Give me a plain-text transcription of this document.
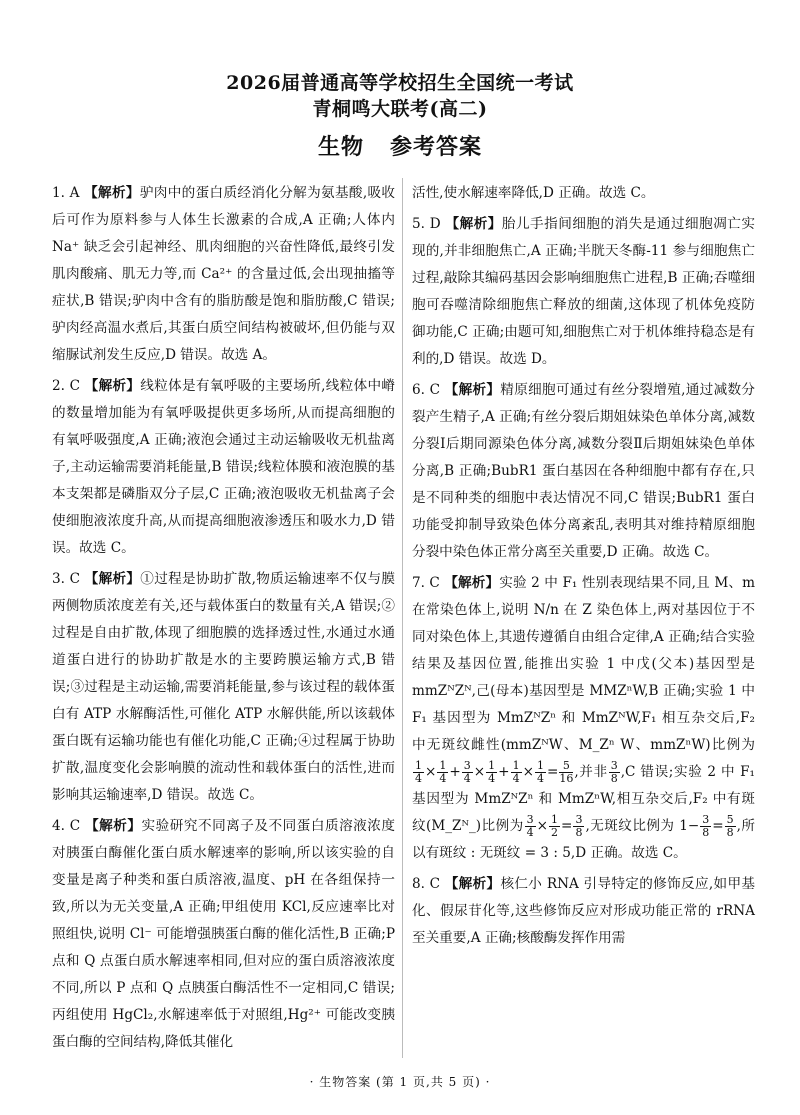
2026届普通高等学校招生全国统一考试
青桐鸣大联考(高二)
生物 参考答案

1. A 【解析】驴肉中的蛋白质经消化分解为氨基酸,吸收后可作为原料参与人体生长激素的合成,A 正确;人体内 Na⁺ 缺乏会引起神经、肌肉细胞的兴奋性降低,最终引发肌肉酸痛、肌无力等,而 Ca²⁺ 的含量过低,会出现抽搐等症状,B 错误;驴肉中含有的脂肪酸是饱和脂肪酸,C 错误;驴肉经高温水煮后,其蛋白质空间结构被破坏,但仍能与双缩脲试剂发生反应,D 错误。故选 A。

2. C 【解析】线粒体是有氧呼吸的主要场所,线粒体中嵴的数量增加能为有氧呼吸提供更多场所,从而提高细胞的有氧呼吸强度,A 正确;液泡会通过主动运输吸收无机盐离子,主动运输需要消耗能量,B 错误;线粒体膜和液泡膜的基本支架都是磷脂双分子层,C 正确;液泡吸收无机盐离子会使细胞液浓度升高,从而提高细胞液渗透压和吸水力,D 错误。故选 C。

3. C 【解析】①过程是协助扩散,物质运输速率不仅与膜两侧物质浓度差有关,还与载体蛋白的数量有关,A 错误;②过程是自由扩散,体现了细胞膜的选择透过性,水通过水通道蛋白进行的协助扩散是水的主要跨膜运输方式,B 错误;③过程是主动运输,需要消耗能量,参与该过程的载体蛋白有 ATP 水解酶活性,可催化 ATP 水解供能,所以该载体蛋白既有运输功能也有催化功能,C 正确;④过程属于协助扩散,温度变化会影响膜的流动性和载体蛋白的活性,进而影响其运输速率,D 错误。故选 C。

4. C 【解析】实验研究不同离子及不同蛋白质溶液浓度对胰蛋白酶催化蛋白质水解速率的影响,所以该实验的自变量是离子种类和蛋白质溶液,温度、pH 在各组保持一致,所以为无关变量,A 正确;甲组使用 KCl,反应速率比对照组快,说明 Cl⁻ 可能增强胰蛋白酶的催化活性,B 正确;P 点和 Q 点蛋白质水解速率相同,但对应的蛋白质溶液浓度不同,所以 P 点和 Q 点胰蛋白酶活性不一定相同,C 错误;丙组使用 HgCl₂,水解速率低于对照组,Hg²⁺ 可能改变胰蛋白酶的空间结构,降低其催化

活性,使水解速率降低,D 正确。故选 C。

5. D 【解析】胎儿手指间细胞的消失是通过细胞凋亡实现的,并非细胞焦亡,A 正确;半胱天冬酶-11 参与细胞焦亡过程,敲除其编码基因会影响细胞焦亡进程,B 正确;吞噬细胞可吞噬清除细胞焦亡释放的细菌,这体现了机体免疫防御功能,C 正确;由题可知,细胞焦亡对于机体维持稳态是有利的,D 错误。故选 D。

6. C 【解析】精原细胞可通过有丝分裂增殖,通过减数分裂产生精子,A 正确;有丝分裂后期姐妹染色单体分离,减数分裂Ⅰ后期同源染色体分离,减数分裂Ⅱ后期姐妹染色单体分离,B 正确;BubR1 蛋白基因在各种细胞中都有存在,只是不同种类的细胞中表达情况不同,C 错误;BubR1 蛋白功能受抑制导致染色体分离紊乱,表明其对维持精原细胞分裂中染色体正常分离至关重要,D 正确。故选 C。

7. C 【解析】实验 2 中 F₁ 性别表现结果不同,且 M、m 在常染色体上,说明 N/n 在 Z 染色体上,两对基因位于不同对染色体上,其遗传遵循自由组合定律,A 正确;结合实验结果及基因位置,能推出实验 1 中戊(父本)基因型是 mmZᴺZᴺ,己(母本)基因型是 MMZⁿW,B 正确;实验 1 中 F₁ 基因型为 MmZᴺZⁿ 和 MmZᴺW,F₁ 相互杂交后,F₂ 中无斑纹雌性(mmZᴺW、M_Zⁿ W、mmZⁿW)比例为
$\frac{1}{4} \times \frac{1}{4} + \frac{3}{4} \times \frac{1}{4} + \frac{1}{4} \times \frac{1}{4} = \frac{5}{16}$ ,并非 $\frac{3}{8} ,C$ 错误;实验 2 中 F₁ 基因型为 MmZᴺZⁿ 和 MmZⁿW,相互杂交后,F₂ 中有斑纹(M_Zᴺ_)比例为 $\frac{3}{4} \times \frac{1}{2} = \frac{3}{8}$ ,无斑纹比例为 $1- \frac{3}{8} = \frac{5}{8}$ ,所以有斑纹 : 无斑纹 = 3 : 5,D 正确。故选 C。

8. C 【解析】核仁小 RNA 引导特定的修饰反应,如甲基化、假尿苷化等,这些修饰反应对形成功能正常的 rRNA 至关重要,A 正确;核酸酶发挥作用需

· 生物答案 (第 1 页,共 5 页) ·
